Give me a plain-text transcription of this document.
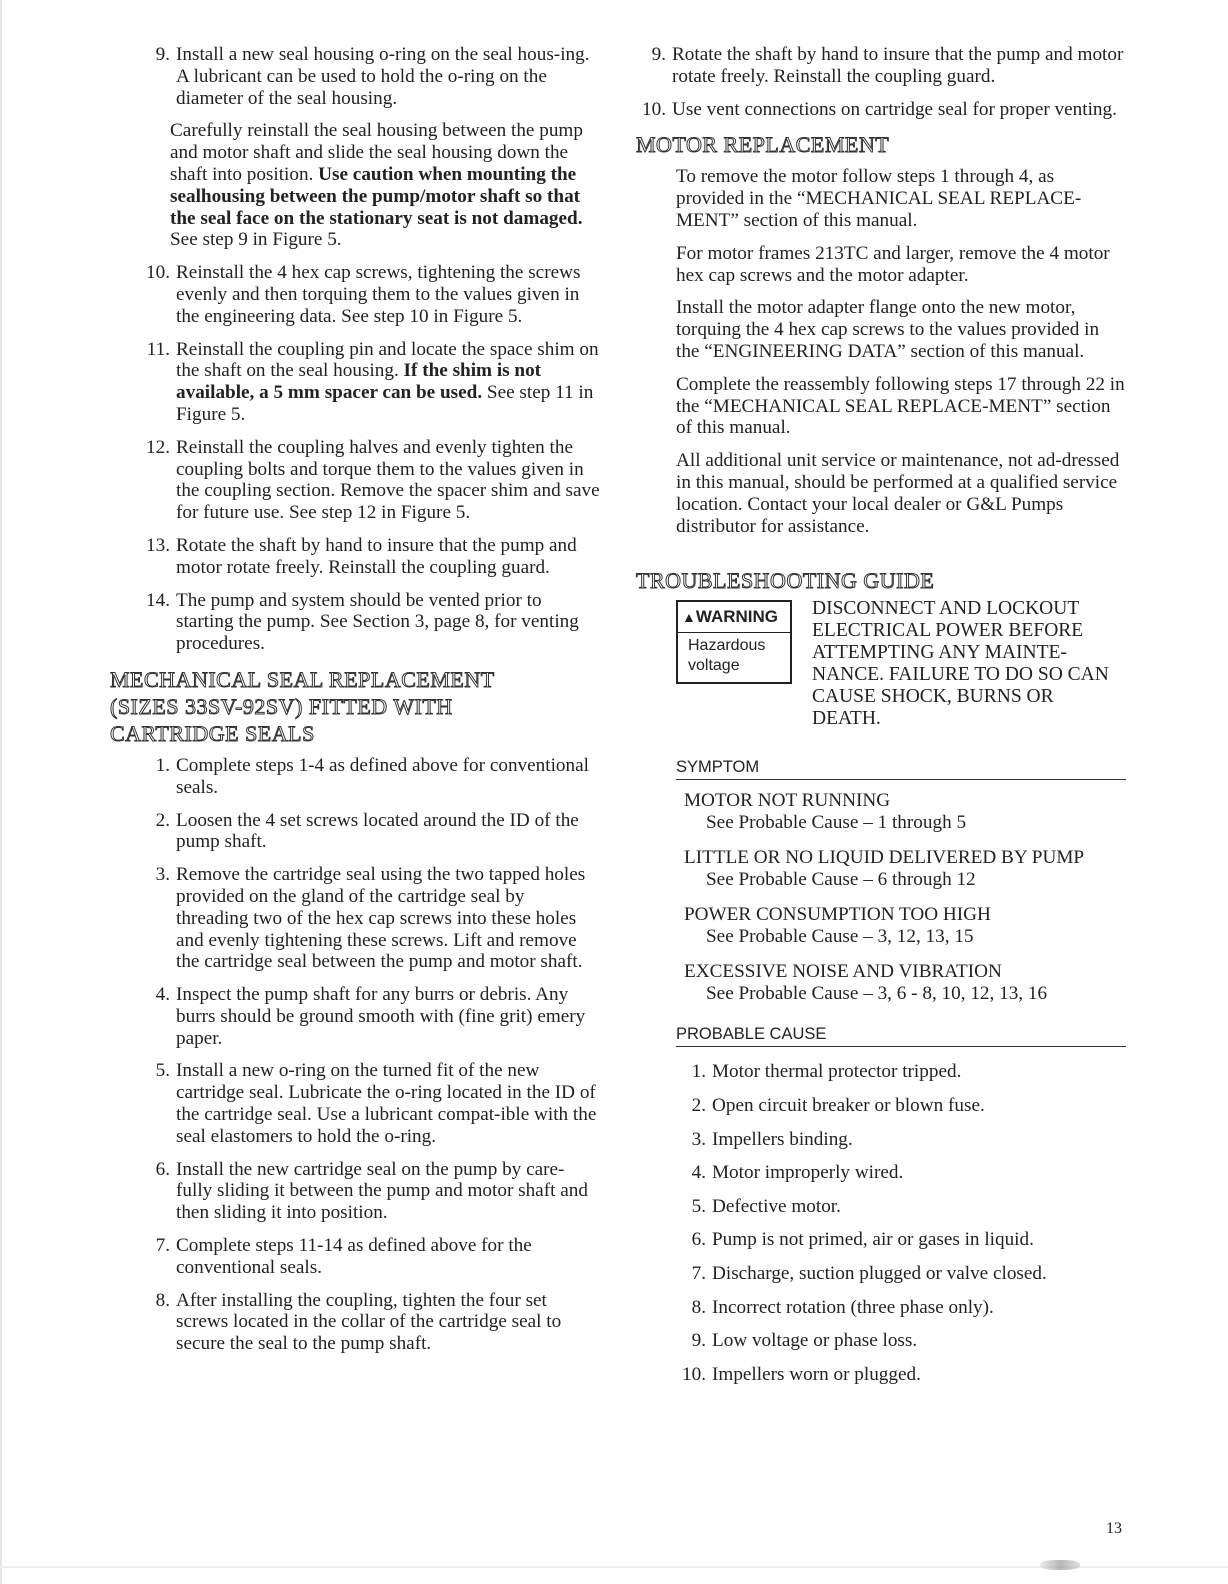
9. Install a new seal housing o-ring on the seal hous-ing. A lubricant can be used to hold the o-ring on the diameter of the seal housing.

Carefully reinstall the seal housing between the pump and motor shaft and slide the seal housing down the shaft into position. Use caution when mounting the sealhousing between the pump/motor shaft so that the seal face on the stationary seat is not damaged. See step 9 in Figure 5.

10. Reinstall the 4 hex cap screws, tightening the screws evenly and then torquing them to the values given in the engineering data. See step 10 in Figure 5.
11. Reinstall the coupling pin and locate the space shim on the shaft on the seal housing. If the shim is not available, a 5 mm spacer can be used. See step 11 in Figure 5.
12. Reinstall the coupling halves and evenly tighten the coupling bolts and torque them to the values given in the coupling section. Remove the spacer shim and save for future use. See step 12 in Figure 5.
13. Rotate the shaft by hand to insure that the pump and motor rotate freely. Reinstall the coupling guard.
14. The pump and system should be vented prior to starting the pump. See Section 3, page 8, for venting procedures.
MECHANICAL SEAL REPLACEMENT
(SIZES 33SV-92SV) FITTED WITH
CARTRIDGE SEALS
1. Complete steps 1-4 as defined above for conventional seals.
2. Loosen the 4 set screws located around the ID of the pump shaft.
3. Remove the cartridge seal using the two tapped holes provided on the gland of the cartridge seal by threading two of the hex cap screws into these holes and evenly tightening these screws. Lift and remove the cartridge seal between the pump and motor shaft.
4. Inspect the pump shaft for any burrs or debris. Any burrs should be ground smooth with (fine grit) emery paper.
5. Install a new o-ring on the turned fit of the new cartridge seal. Lubricate the o-ring located in the ID of the cartridge seal. Use a lubricant compat-ible with the seal elastomers to hold the o-ring.
6. Install the new cartridge seal on the pump by care-fully sliding it between the pump and motor shaft and then sliding it into position.
7. Complete steps 11-14 as defined above for the conventional seals.
8. After installing the coupling, tighten the four set screws located in the collar of the cartridge seal to secure the seal to the pump shaft.
9. Rotate the shaft by hand to insure that the pump and motor rotate freely. Reinstall the coupling guard.
10. Use vent connections on cartridge seal for proper venting.
MOTOR REPLACEMENT

To remove the motor follow steps 1 through 4, as provided in the “MECHANICAL SEAL REPLACE-MENT” section of this manual.

For motor frames 213TC and larger, remove the 4 motor hex cap screws and the motor adapter.

Install the motor adapter flange onto the new motor, torquing the 4 hex cap screws to the values provided in the “ENGINEERING DATA” section of this manual.

Complete the reassembly following steps 17 through 22 in the “MECHANICAL SEAL REPLACE-MENT” section of this manual.

All additional unit service or maintenance, not ad-dressed in this manual, should be performed at a qualified service location. Contact your local dealer or G&L Pumps distributor for assistance.

TROUBLESHOOTING GUIDE
▲WARNING
Hazardous voltage
DISCONNECT AND LOCKOUT ELECTRICAL POWER BEFORE ATTEMPTING ANY MAINTE-NANCE. FAILURE TO DO SO CAN CAUSE SHOCK, BURNS OR DEATH.
SYMPTOM
MOTOR NOT RUNNING
See Probable Cause – 1 through 5
LITTLE OR NO LIQUID DELIVERED BY PUMP
See Probable Cause – 6 through 12
POWER CONSUMPTION TOO HIGH
See Probable Cause – 3, 12, 13, 15
EXCESSIVE NOISE AND VIBRATION
See Probable Cause – 3, 6 - 8, 10, 12, 13, 16
PROBABLE CAUSE
1. Motor thermal protector tripped.
2. Open circuit breaker or blown fuse.
3. Impellers binding.
4. Motor improperly wired.
5. Defective motor.
6. Pump is not primed, air or gases in liquid.
7. Discharge, suction plugged or valve closed.
8. Incorrect rotation (three phase only).
9. Low voltage or phase loss.
10. Impellers worn or plugged.
13
